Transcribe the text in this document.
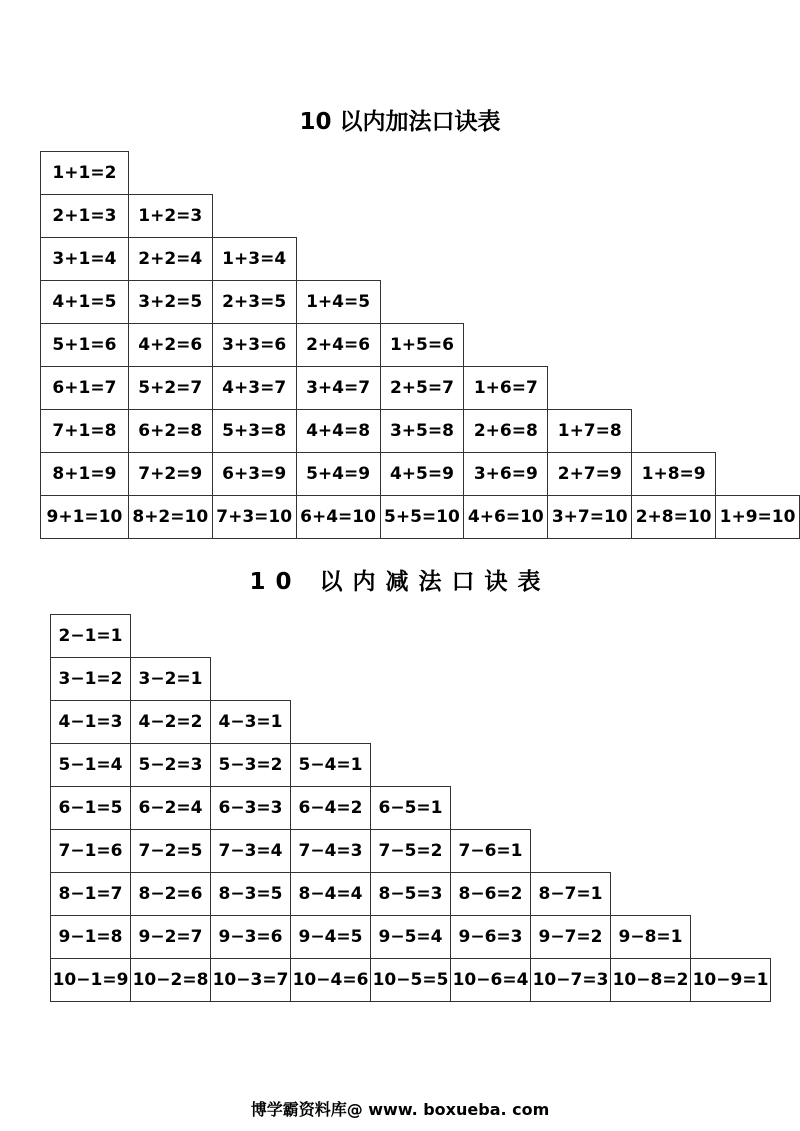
10 以内加法口诀表
1+1=2								
2+1=3	1+2=3							
3+1=4	2+2=4	1+3=4						
4+1=5	3+2=5	2+3=5	1+4=5					
5+1=6	4+2=6	3+3=6	2+4=6	1+5=6				
6+1=7	5+2=7	4+3=7	3+4=7	2+5=7	1+6=7			
7+1=8	6+2=8	5+3=8	4+4=8	3+5=8	2+6=8	1+7=8		
8+1=9	7+2=9	6+3=9	5+4=9	4+5=9	3+6=9	2+7=9	1+8=9	
9+1=10	8+2=10	7+3=10	6+4=10	5+5=10	4+6=10	3+7=10	2+8=10	1+9=10
10 以内减法口诀表
2−1=1								
3−1=2	3−2=1							
4−1=3	4−2=2	4−3=1						
5−1=4	5−2=3	5−3=2	5−4=1					
6−1=5	6−2=4	6−3=3	6−4=2	6−5=1				
7−1=6	7−2=5	7−3=4	7−4=3	7−5=2	7−6=1			
8−1=7	8−2=6	8−3=5	8−4=4	8−5=3	8−6=2	8−7=1		
9−1=8	9−2=7	9−3=6	9−4=5	9−5=4	9−6=3	9−7=2	9−8=1	
10−1=9	10−2=8	10−3=7	10−4=6	10−5=5	10−6=4	10−7=3	10−8=2	10−9=1
博学霸资料库@ www. boxueba. com
